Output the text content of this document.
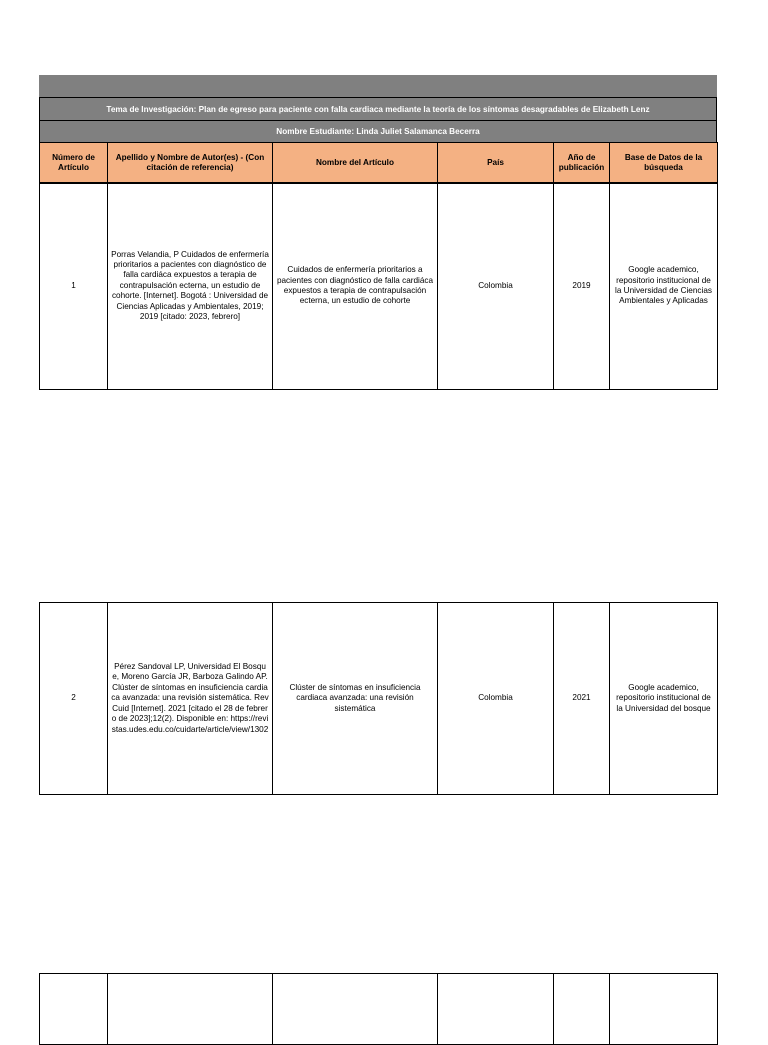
Tema de Investigación: Plan de egreso para paciente con falla cardiaca mediante la teoría de los síntomas desagradables de Elizabeth Lenz
Nombre Estudiante: Linda Juliet Salamanca Becerra
Número de Artículo	Apellido y Nombre de Autor(es) - (Con citación de referencia)	Nombre del Artículo	País	Año de publicación	Base de Datos de la búsqueda
1	Porras Velandia, P Cuidados de enfermería prioritarios a pacientes con diagnóstico de falla cardiáca expuestos a terapia de contrapulsación ecterna, un estudio de cohorte. [Internet]. Bogotá : Universidad de Ciencias Aplicadas y Ambientales, 2019; 2019 [citado: 2023, febrero]	Cuidados de enfermería prioritarios a pacientes con diagnóstico de falla cardiáca expuestos a terapia de contrapulsación ecterna, un estudio de cohorte	Colombia	2019	Google academico, repositorio institucional de la Universidad de Ciencias Ambientales y Aplicadas
2	Pérez Sandoval LP, Universidad El Bosque, Moreno García JR, Barboza Galindo AP. Clúster de síntomas en insuficiencia cardiaca avanzada: una revisión sistemática. Rev Cuid [Internet]. 2021 [citado el 28 de febrero de 2023];12(2). Disponible en: https://revistas.udes.edu.co/cuidarte/article/view/1302	Clúster de síntomas en insuficiencia cardiaca avanzada: una revisión sistemática	Colombia	2021	Google academico, repositorio institucional de la Universidad del bosque
